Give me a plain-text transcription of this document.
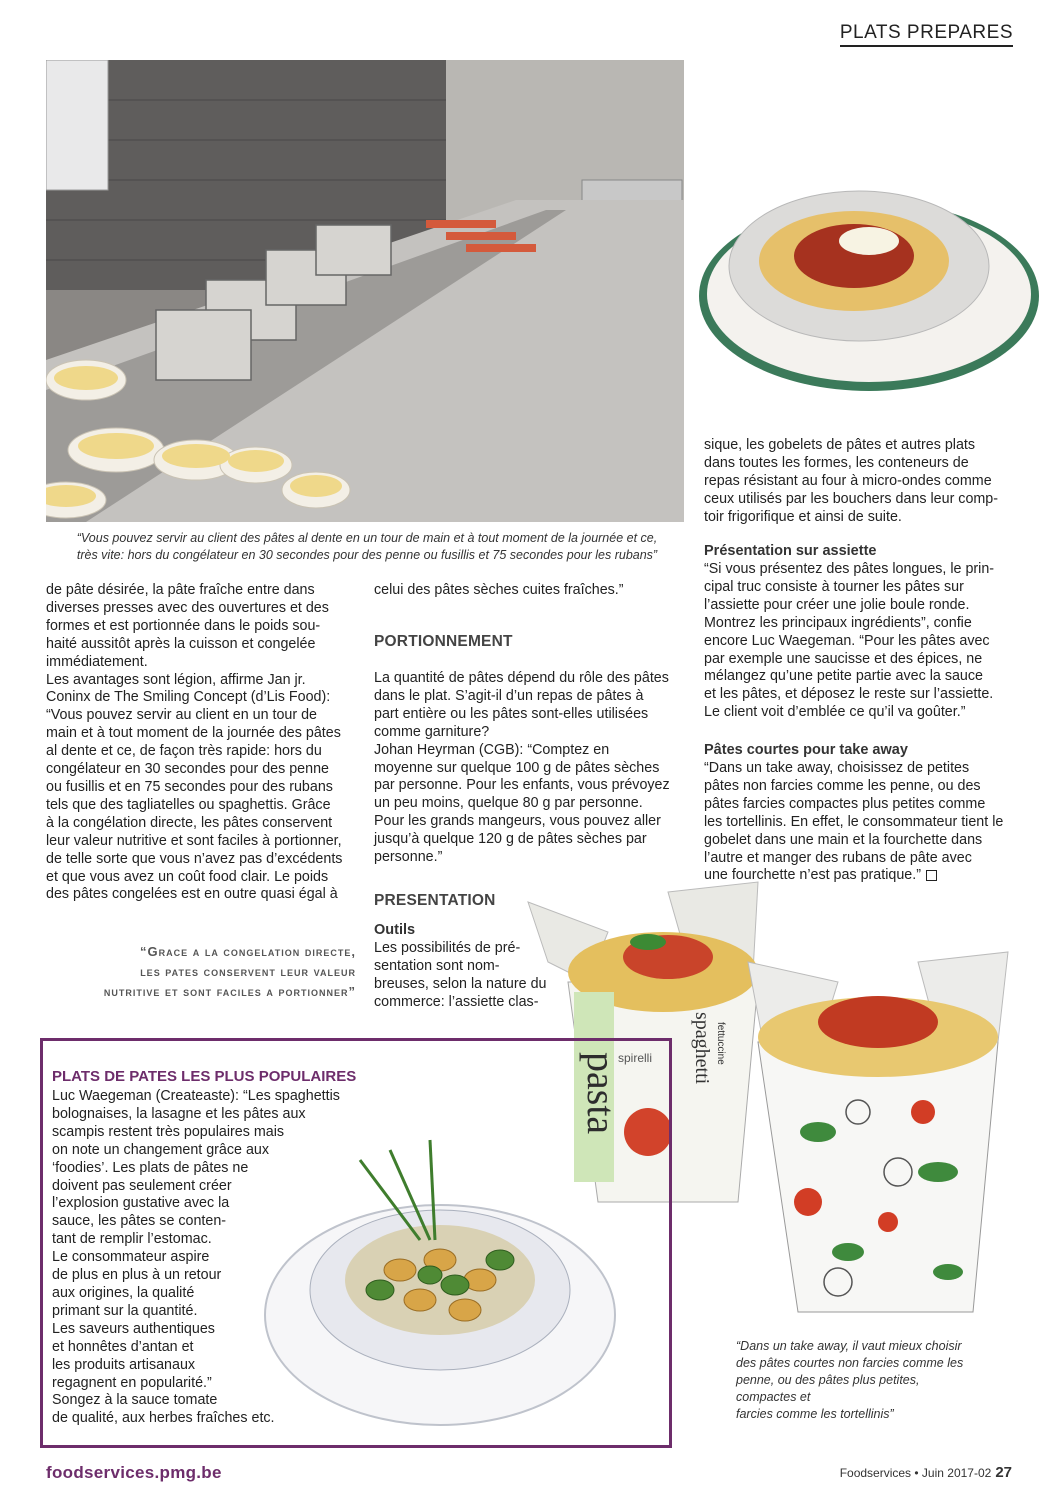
PLATS PREPARES
“Vous pouvez servir au client des pâtes al dente en un tour de main et à tout moment de la journée et ce,
très vite: hors du congélateur en 30 secondes pour des penne ou fusillis et 75 secondes pour les rubans”

de pâte désirée, la pâte fraîche entre dans

diverses presses avec des ouvertures et des

formes et est portionnée dans le poids sou-

haité aussitôt après la cuisson et congelée

immédiatement.

Les avantages sont légion, affirme Jan jr.

Coninx de The Smiling Concept (d’Lis Food):

“Vous pouvez servir au client en un tour de

main et à tout moment de la journée des pâtes

al dente et ce, de façon très rapide: hors du

congélateur en 30 secondes pour des penne

ou fusillis et en 75 secondes pour des rubans

tels que des tagliatelles ou spaghettis. Grâce

à la congélation directe, les pâtes conservent

leur valeur nutritive et sont faciles à portionner,

de telle sorte que vous n’avez pas d’excédents

et que vous avez un coût food clair. Le poids

des pâtes congelées est en outre quasi égal à

“Grace a la congelation directe,
les pates conservent leur valeur
nutritive et sont faciles a portionner”

celui des pâtes sèches cuites fraîches.”

PORTIONNEMENT

La quantité de pâtes dépend du rôle des pâtes

dans le plat. S’agit-il d’un repas de pâtes à

part entière ou les pâtes sont-elles utilisées

comme garniture?

Johan Heyrman (CGB): “Comptez en

moyenne sur quelque 100 g de pâtes sèches

par personne. Pour les enfants, vous prévoyez

un peu moins, quelque 80 g par personne.

Pour les grands mangeurs, vous pouvez aller

jusqu’à quelque 120 g de pâtes sèches par

personne.”

PRESENTATION
Outils

Les possibilités de pré-

sentation sont nom-

breuses, selon la nature du

commerce: l’assiette clas-

sique, les gobelets de pâtes et autres plats

dans toutes les formes, les conteneurs de

repas résistant au four à micro-ondes comme

ceux utilisés par les bouchers dans leur comp-

toir frigorifique et ainsi de suite.

Présentation sur assiette

“Si vous présentez des pâtes longues, le prin-

cipal truc consiste à tourner les pâtes sur

l’assiette pour créer une jolie boule ronde.

Montrez les principaux ingrédients”, confie

encore Luc Waegeman. “Pour les pâtes avec

par exemple une saucisse et des épices, ne

mélangez qu’une petite partie avec la sauce

et les pâtes, et déposez le reste sur l’assiette.

Le client voit d’emblée ce qu’il va goûter.”

Pâtes courtes pour take away

“Dans un take away, choisissez de petites

pâtes non farcies comme les penne, ou des

pâtes farcies compactes plus petites comme

les tortellinis. En effet, le consommateur tient le

gobelet dans une main et la fourchette dans

l’autre et manger des rubans de pâte avec

une fourchette n’est pas pratique.”

pasta
spirelli spaghetti fettuccine
“Dans un take away, il vaut mieux choisir
des pâtes courtes non farcies comme les
penne, ou des pâtes plus petites,
compactes et
farcies comme les tortellinis”
PLATS DE PATES LES PLUS POPULAIRES

Luc Waegeman (Createaste): “Les spaghettis

bolognaises, la lasagne et les pâtes aux

scampis restent très populaires mais

on note un changement grâce aux

‘foodies’. Les plats de pâtes ne

doivent pas seulement créer

l’explosion gustative avec la

sauce, les pâtes se conten-

tant de remplir l’estomac.

Le consommateur aspire

de plus en plus à un retour

aux origines, la qualité

primant sur la quantité.

Les saveurs authentiques

et honnêtes d’antan et

les produits artisanaux

regagnent en popularité.”

Songez à la sauce tomate

de qualité, aux herbes fraîches etc.

foodservices.pmg.be	Foodservices • Juin 2017-02 27
